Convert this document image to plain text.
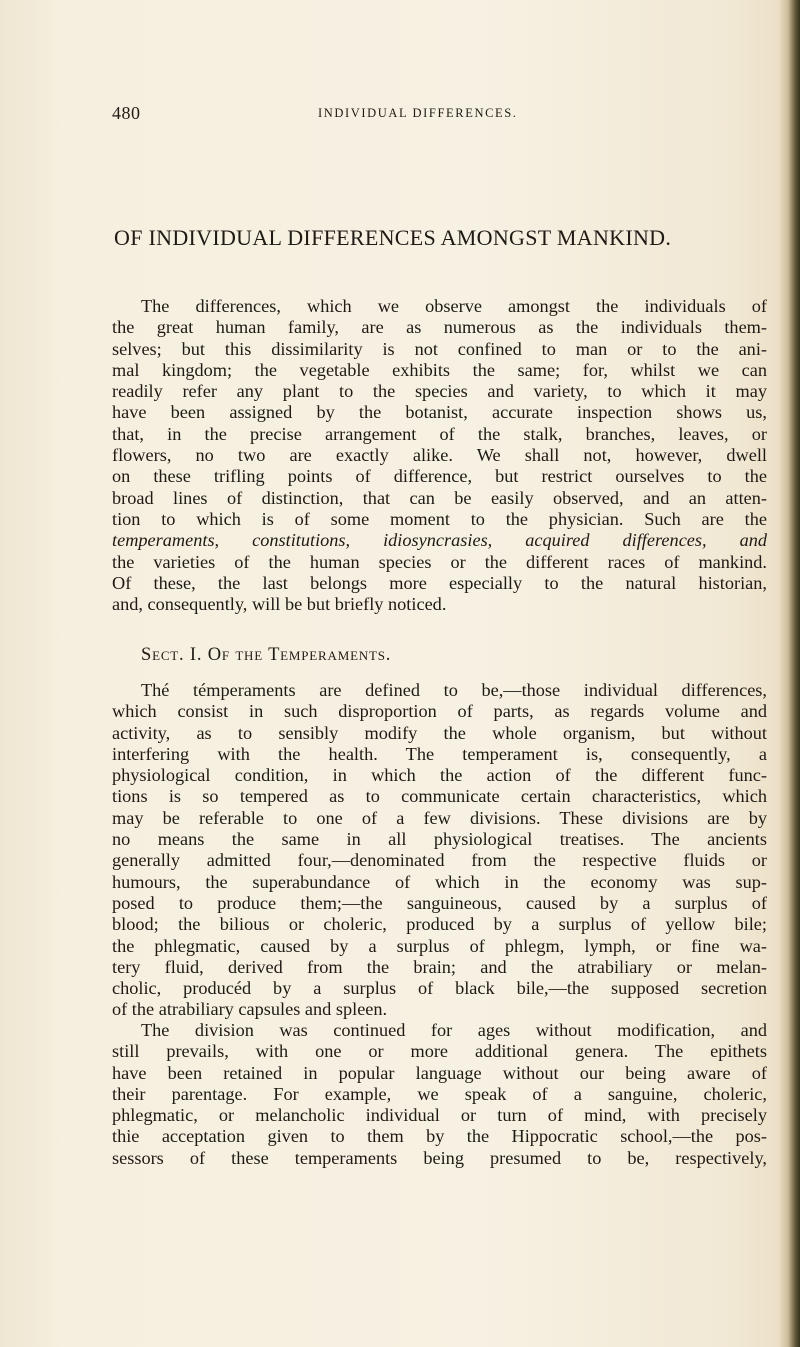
480	INDIVIDUAL DIFFERENCES.
OF INDIVIDUAL DIFFERENCES AMONGST MANKIND.
The differences, which we observe amongst the individuals of
the great human family, are as numerous as the individuals them-
selves; but this dissimilarity is not confined to man or to the ani-
mal kingdom; the vegetable exhibits the same; for, whilst we can
readily refer any plant to the species and variety, to which it may
have been assigned by the botanist, accurate inspection shows us,
that, in the precise arrangement of the stalk, branches, leaves, or
flowers, no two are exactly alike. We shall not, however, dwell
on these trifling points of difference, but restrict ourselves to the
broad lines of distinction, that can be easily observed, and an atten-
tion to which is of some moment to the physician. Such are the
temperaments, constitutions, idiosyncrasies, acquired differences, and
the varieties of the human species or the different races of mankind.
Of these, the last belongs more especially to the natural historian,
and, consequently, will be but briefly noticed.
Sect. I. Of the Temperaments.
Thé témperaments are defined to be,—those individual differences,
which consist in such disproportion of parts, as regards volume and
activity, as to sensibly modify the whole organism, but without
interfering with the health. The temperament is, consequently, a
physiological condition, in which the action of the different func-
tions is so tempered as to communicate certain characteristics, which
may be referable to one of a few divisions. These divisions are by
no means the same in all physiological treatises. The ancients
generally admitted four,—denominated from the respective fluids or
humours, the superabundance of which in the economy was sup-
posed to produce them;—the sanguineous, caused by a surplus of
blood; the bilious or choleric, produced by a surplus of yellow bile;
the phlegmatic, caused by a surplus of phlegm, lymph, or fine wa-
tery fluid, derived from the brain; and the atrabiliary or melan-
cholic, producéd by a surplus of black bile,—the supposed secretion
of the atrabiliary capsules and spleen.
The division was continued for ages without modification, and
still prevails, with one or more additional genera. The epithets
have been retained in popular language without our being aware of
their parentage. For example, we speak of a sanguine, choleric,
phlegmatic, or melancholic individual or turn of mind, with precisely
thie acceptation given to them by the Hippocratic school,—the pos-
sessors of these temperaments being presumed to be, respectively,
